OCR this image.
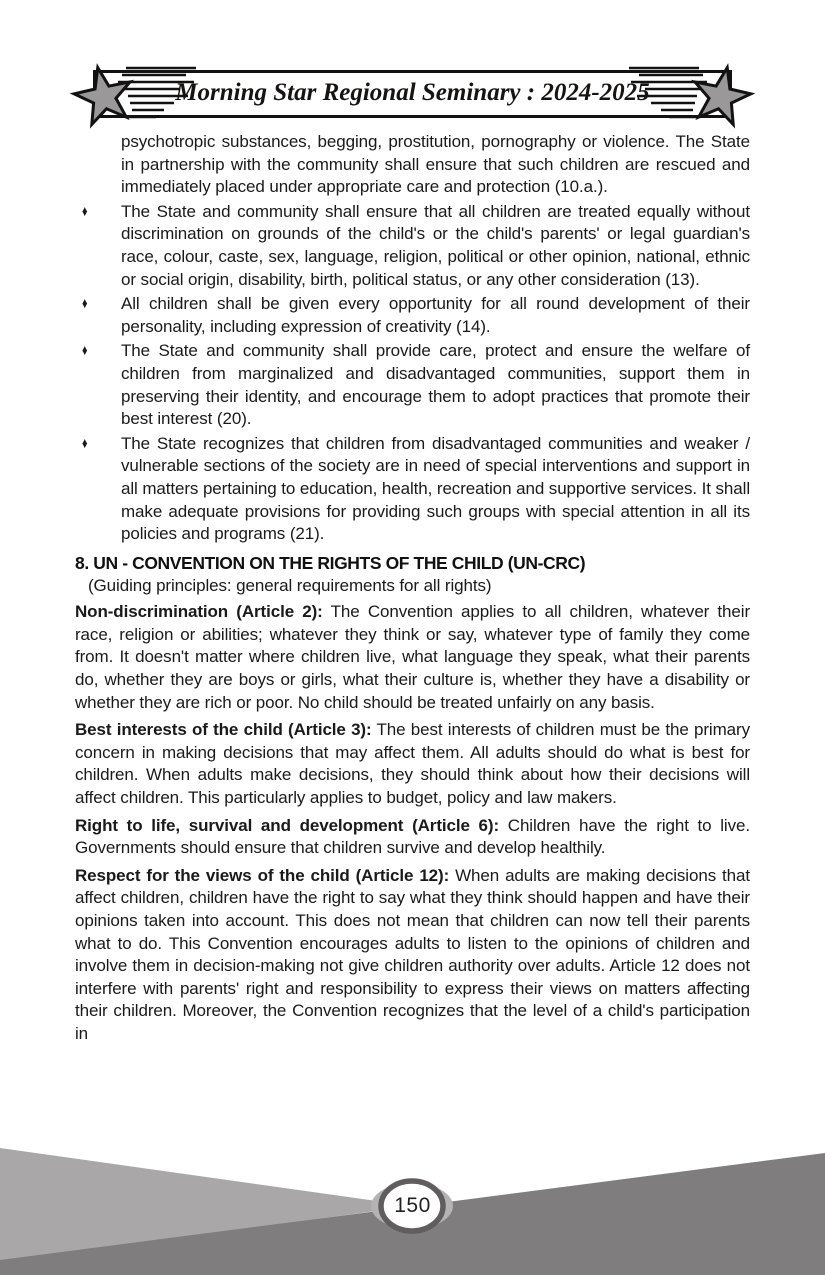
Morning Star Regional Seminary : 2024-2025
psychotropic substances, begging, prostitution, pornography or violence. The State in partnership with the community shall ensure that such children are rescued and immediately placed under appropriate care and protection (10.a.).
♦ The State and community shall ensure that all children are treated equally without discrimination on grounds of the child's or the child's parents' or legal guardian's race, colour, caste, sex, language, religion, political or other opinion, national, ethnic or social origin, disability, birth, political status, or any other consideration (13).
♦ All children shall be given every opportunity for all round development of their personality, including expression of creativity (14).
♦ The State and community shall provide care, protect and ensure the welfare of children from marginalized and disadvantaged communities, support them in preserving their identity, and encourage them to adopt practices that promote their best interest (20).
♦ The State recognizes that children from disadvantaged communities and weaker / vulnerable sections of the society are in need of special interventions and support in all matters pertaining to education, health, recreation and supportive services. It shall make adequate provisions for providing such groups with special attention in all its policies and programs (21).
8. UN - CONVENTION ON THE RIGHTS OF THE CHILD (UN-CRC)
(Guiding principles: general requirements for all rights)
Non-discrimination (Article 2): The Convention applies to all children, whatever their race, religion or abilities; whatever they think or say, whatever type of family they come from. It doesn't matter where children live, what language they speak, what their parents do, whether they are boys or girls, what their culture is, whether they have a disability or whether they are rich or poor. No child should be treated unfairly on any basis.
Best interests of the child (Article 3): The best interests of children must be the primary concern in making decisions that may affect them. All adults should do what is best for children. When adults make decisions, they should think about how their decisions will affect children. This particularly applies to budget, policy and law makers.
Right to life, survival and development (Article 6): Children have the right to live. Governments should ensure that children survive and develop healthily.
Respect for the views of the child (Article 12): When adults are making decisions that affect children, children have the right to say what they think should happen and have their opinions taken into account. This does not mean that children can now tell their parents what to do. This Convention encourages adults to listen to the opinions of children and involve them in decision-making not give children authority over adults. Article 12 does not interfere with parents' right and responsibility to express their views on matters affecting their children. Moreover, the Convention recognizes that the level of a child's participation in
150
